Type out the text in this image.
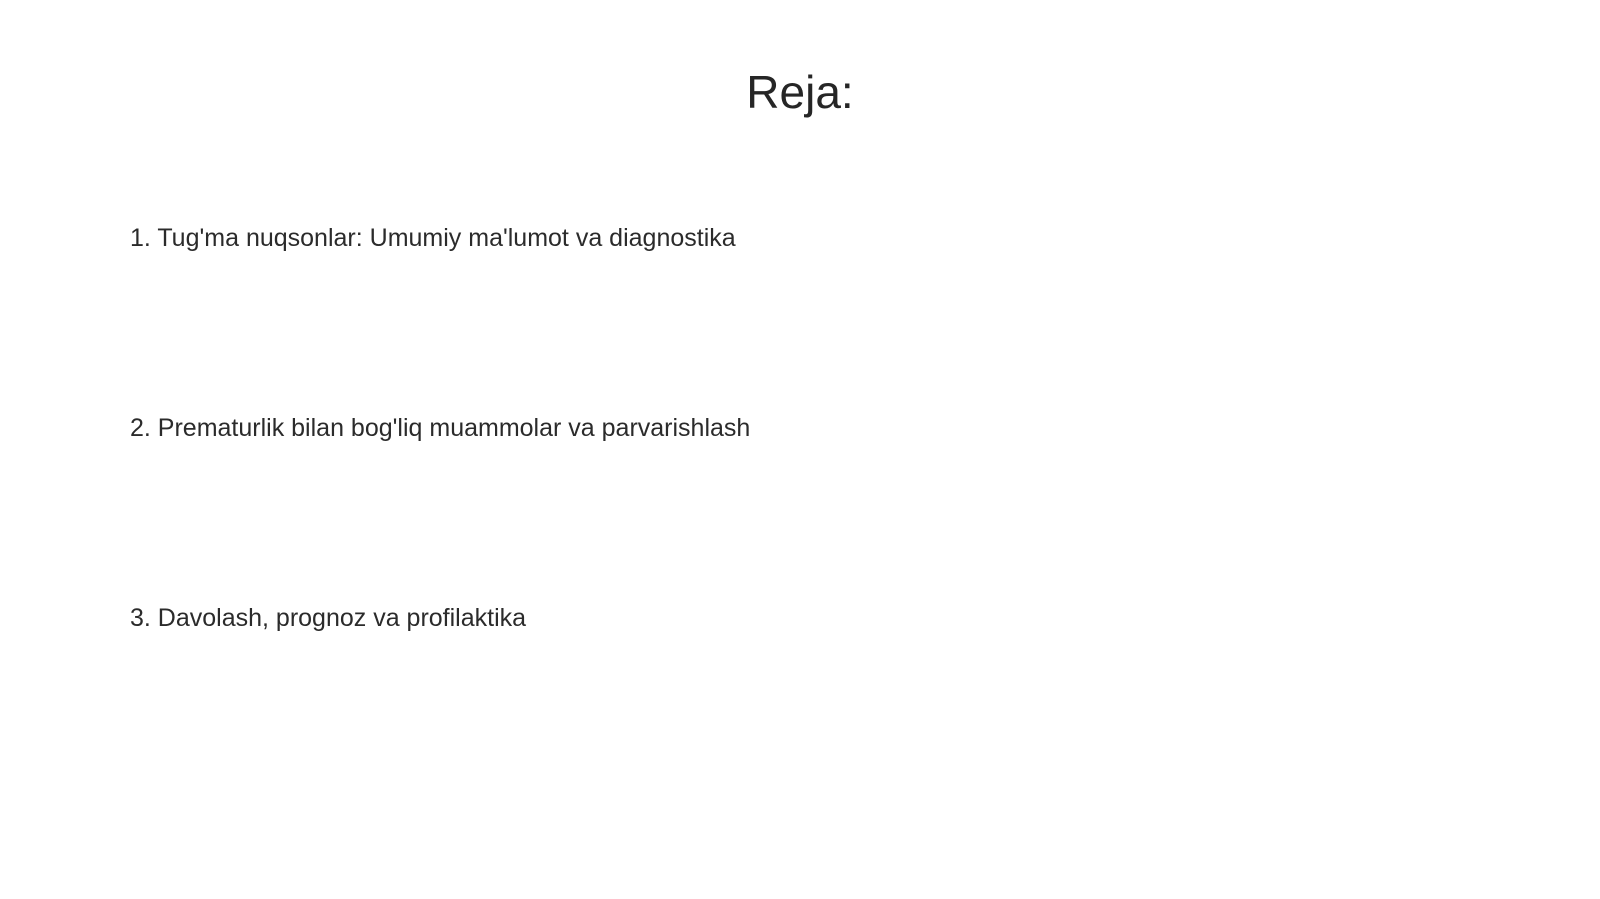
Reja:
1. Tug'ma nuqsonlar: Umumiy ma'lumot va diagnostika
2. Prematurlik bilan bog'liq muammolar va parvarishlash
3. Davolash, prognoz va profilaktika
